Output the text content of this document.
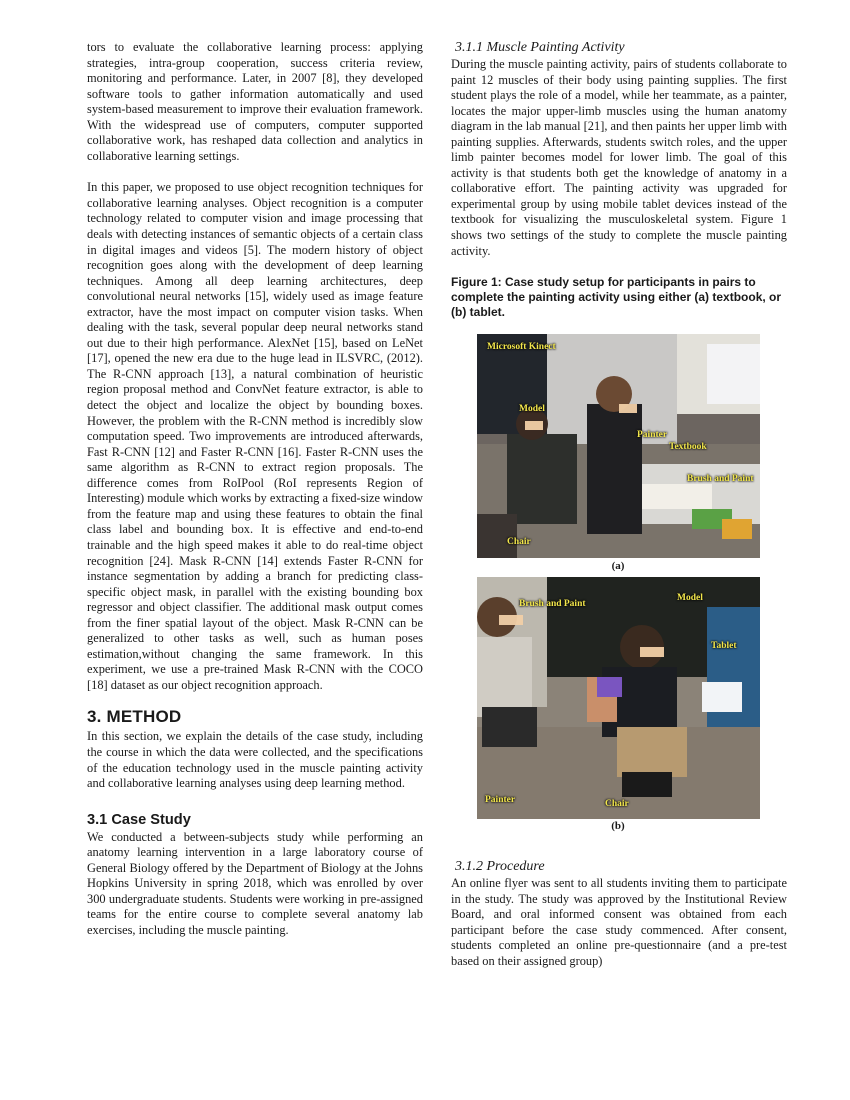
tors to evaluate the collaborative learning process: applying strategies, intra-group cooperation, success criteria review, monitoring and performance. Later, in 2007 [8], they developed software tools to gather information automatically and used system-based measurement to improve their evaluation framework. With the widespread use of computers, computer supported collaborative work, has reshaped data collection and analytics in collaborative learning settings.

In this paper, we proposed to use object recognition techniques for collaborative learning analyses. Object recognition is a computer technology related to computer vision and image processing that deals with detecting instances of semantic objects of a certain class in digital images and videos [5]. The modern history of object recognition goes along with the development of deep learning techniques. Among all deep learning architectures, deep convolutional neural networks [15], widely used as image feature extractor, have the most impact on computer vision tasks. When dealing with the task, several popular deep neural networks stand out due to their high performance. AlexNet [15], based on LeNet [17], opened the new era due to the huge lead in ILSVRC, (2012). The R-CNN approach [13], a natural combination of heuristic region proposal method and ConvNet feature extractor, is able to detect the object and localize the object by bounding boxes. However, the problem with the R-CNN method is incredibly slow computation speed. Two improvements are introduced afterwards, Fast R-CNN [12] and Faster R-CNN [16]. Faster R-CNN uses the same algorithm as R-CNN to extract region proposals. The difference comes from RoIPool (RoI represents Region of Interesting) module which works by extracting a fixed-size window from the feature map and using these features to obtain the final class label and bounding box. It is effective and end-to-end trainable and the high speed makes it able to do real-time object recognition [24]. Mask R-CNN [14] extends Faster R-CNN for instance segmentation by adding a branch for predicting class-specific object mask, in parallel with the existing bounding box regressor and object classifier. The additional mask output comes from the finer spatial layout of the object. Mask R-CNN can be generalized to other tasks as well, such as human poses estimation,without changing the same framework. In this experiment, we use a pre-trained Mask R-CNN with the COCO [18] dataset as our object recognition approach.

3. METHOD

In this section, we explain the details of the case study, including the course in which the data were collected, and the specifications of the education technology used in the muscle painting activity and collaborative learning analyses using deep learning method.

3.1 Case Study

We conducted a between-subjects study while performing an anatomy learning intervention in a large laboratory course of General Biology offered by the Department of Biology at the Johns Hopkins University in spring 2018, which was enrolled by over 300 undergraduate students. Students were working in pre-assigned teams for the entire course to complete several anatomy lab exercises, including the muscle painting.

3.1.1 Muscle Painting Activity

During the muscle painting activity, pairs of students collaborate to paint 12 muscles of their body using painting supplies. The first student plays the role of a model, while her teammate, as a painter, locates the major upper-limb muscles using the human anatomy diagram in the lab manual [21], and then paints her upper limb with painting supplies. Afterwards, students switch roles, and the upper limb painter becomes model for lower limb. The goal of this activity is that students both get the knowledge of anatomy in a collaborative effort. The painting activity was upgraded for experimental group by using mobile tablet devices instead of the textbook for visualizing the musculoskeletal system. Figure 1 shows two settings of the study to complete the muscle painting activity.

Figure 1: Case study setup for participants in pairs to complete the painting activity using either (a) textbook, or (b) tablet.
Microsoft Kinect
Model
Painter
Textbook
Brush and Paint
Chair
(a)
Brush and Paint
Model
Tablet
Painter	Chair
(b)
3.1.2 Procedure

An online flyer was sent to all students inviting them to participate in the study. The study was approved by the Institutional Review Board, and oral informed consent was obtained from each participant before the case study commenced. After consent, students completed an online pre-questionnaire (and a pre-test based on their assigned group)
